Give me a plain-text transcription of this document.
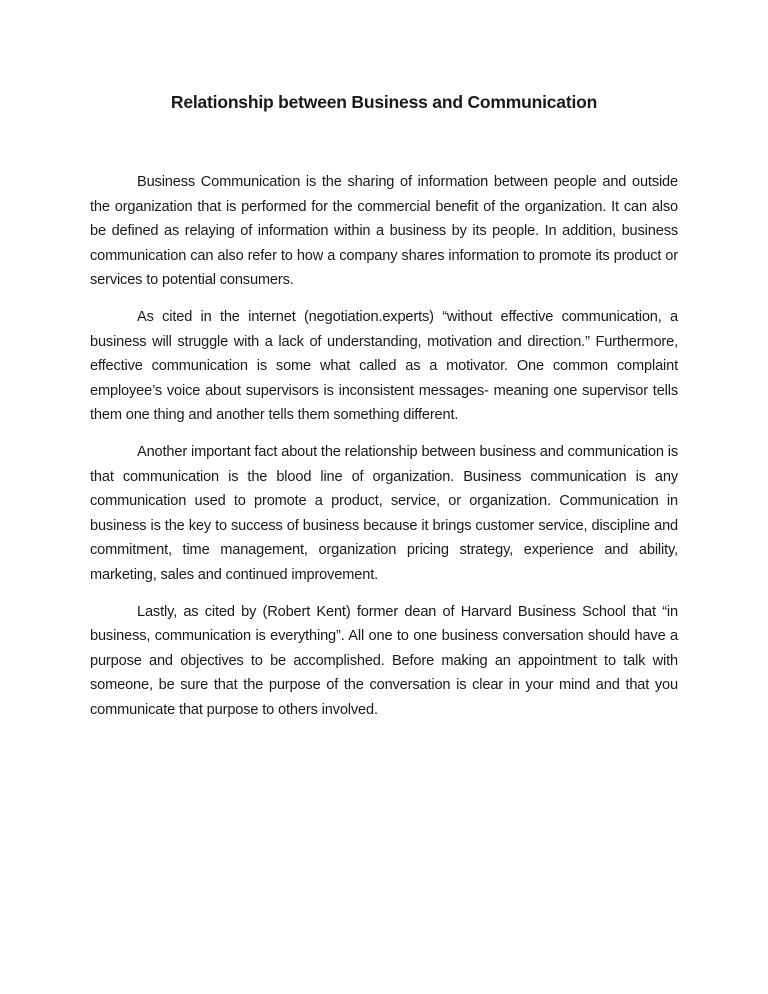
Relationship between Business and Communication

Business Communication is the sharing of information between people and outside the organization that is performed for the commercial benefit of the organization. It can also be defined as relaying of information within a business by its people. In addition, business communication can also refer to how a company shares information to promote its product or services to potential consumers.

As cited in the internet (negotiation.experts) “without effective communication, a business will struggle with a lack of understanding, motivation and direction.” Furthermore, effective communication is some what called as a motivator. One common complaint employee’s voice about supervisors is inconsistent messages- meaning one supervisor tells them one thing and another tells them something different.

Another important fact about the relationship between business and communication is that communication is the blood line of organization. Business communication is any communication used to promote a product, service, or organization. Communication in business is the key to success of business because it brings customer service, discipline and commitment, time management, organization pricing strategy, experience and ability, marketing, sales and continued improvement.

Lastly, as cited by (Robert Kent) former dean of Harvard Business School that “in business, communication is everything”. All one to one business conversation should have a purpose and objectives to be accomplished. Before making an appointment to talk with someone, be sure that the purpose of the conversation is clear in your mind and that you communicate that purpose to others involved.
